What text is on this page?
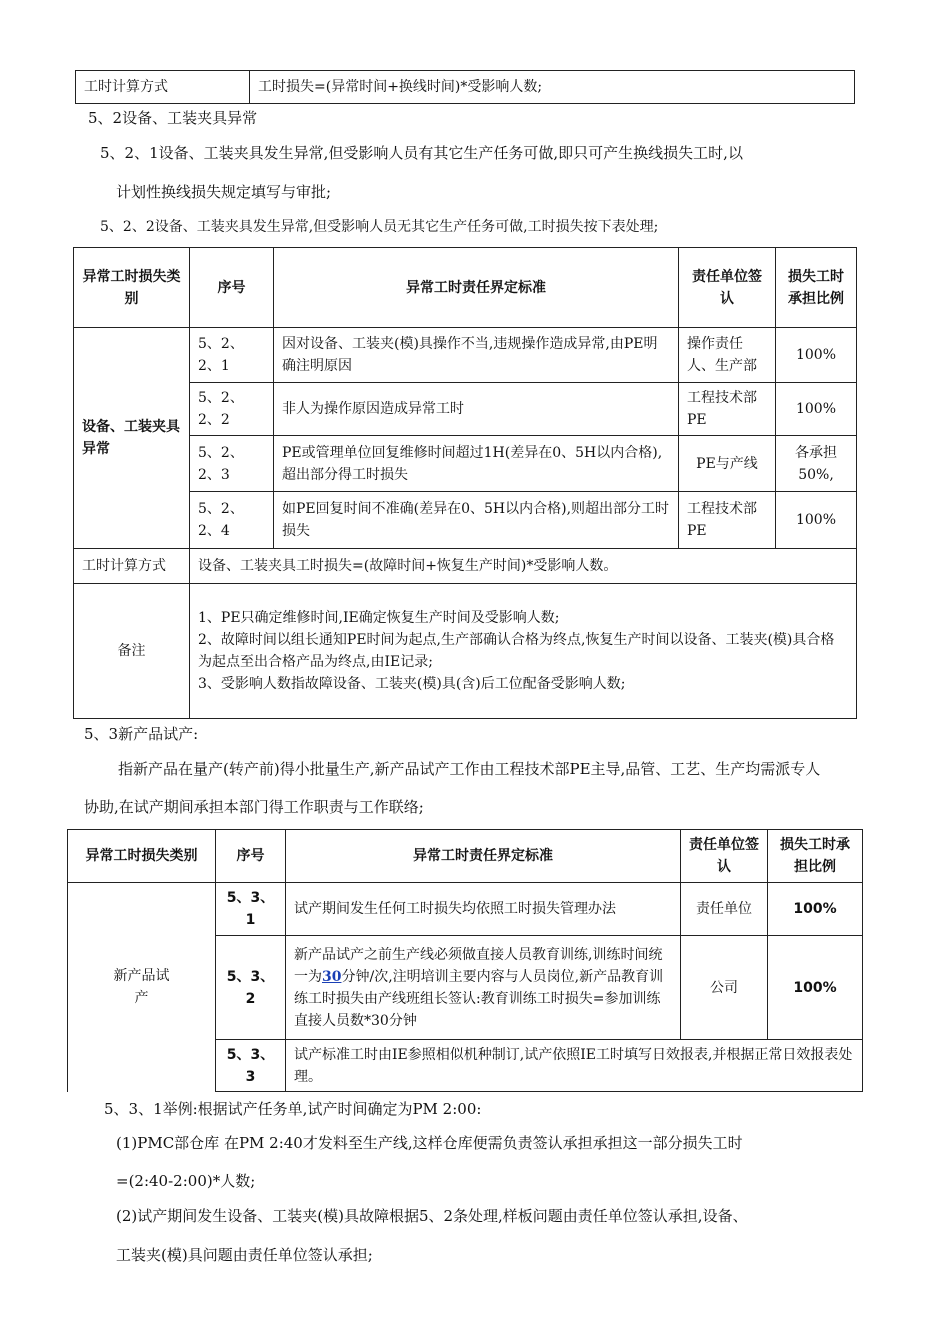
工时计算方式	工时损失=(异常时间+换线时间)*受影响人数;
5、2设备、工装夹具异常
5、2、1设备、工装夹具发生异常,但受影响人员有其它生产任务可做,即只可产生换线损失工时,以
计划性换线损失规定填写与审批;
5、2、2设备、工装夹具发生异常,但受影响人员无其它生产任务可做,工时损失按下表处理;
异常工时损失类别	序号	异常工时责任界定标准	责任单位签认	损失工时承担比例
设备、工装夹具异常	5、2、2、1	因对设备、工装夹(模)具操作不当,违规操作造成异常,由PE明确注明原因	操作责任人、生产部	100%
	5、2、2、2	非人为操作原因造成异常工时	工程技术部PE	100%
	5、2、2、3	PE或管理单位回复维修时间超过1H(差异在0、5H以内合格),超出部分得工时损失	PE与产线	各承担50%,
	5、2、2、4	如PE回复时间不准确(差异在0、5H以内合格),则超出部分工时损失	工程技术部PE	100%
工时计算方式	设备、工装夹具工时损失=(故障时间+恢复生产时间)*受影响人数。			
备注	1、PE只确定维修时间,IE确定恢复生产时间及受影响人数;
2、故障时间以组长通知PE时间为起点,生产部确认合格为终点,恢复生产时间以设备、工装夹(模)具合格为起点至出合格产品为终点,由IE记录;
3、受影响人数指故障设备、工装夹(模)具(含)后工位配备受影响人数;			
5、3新产品试产:
指新产品在量产(转产前)得小批量生产,新产品试产工作由工程技术部PE主导,品管、工艺、生产均需派专人
协助,在试产期间承担本部门得工作职责与工作联络;
异常工时损失类别	序号	异常工时责任界定标准	责任单位签认	损失工时承担比例
新产品试产	5、3、1	试产期间发生任何工时损失均依照工时损失管理办法	责任单位	100%
	5、3、2	新产品试产之前生产线必须做直接人员教育训练,训练时间统一为30分钟/次,注明培训主要内容与人员岗位,新产品教育训练工时损失由产线班组长签认:教育训练工时损失=参加训练直接人员数*30分钟	公司	100%
	5、3、3	试产标准工时由IE参照相似机种制订,试产依照IE工时填写日效报表,并根据正常日效报表处理。		
5、3、1举例:根据试产任务单,试产时间确定为PM 2:00:
(1)PMC部仓库 在PM 2:40才发料至生产线,这样仓库便需负责签认承担承担这一部分损失工时
=(2:40-2:00)*人数;
(2)试产期间发生设备、工装夹(模)具故障根据5、2条处理,样板问题由责任单位签认承担,设备、
工装夹(模)具问题由责任单位签认承担;
